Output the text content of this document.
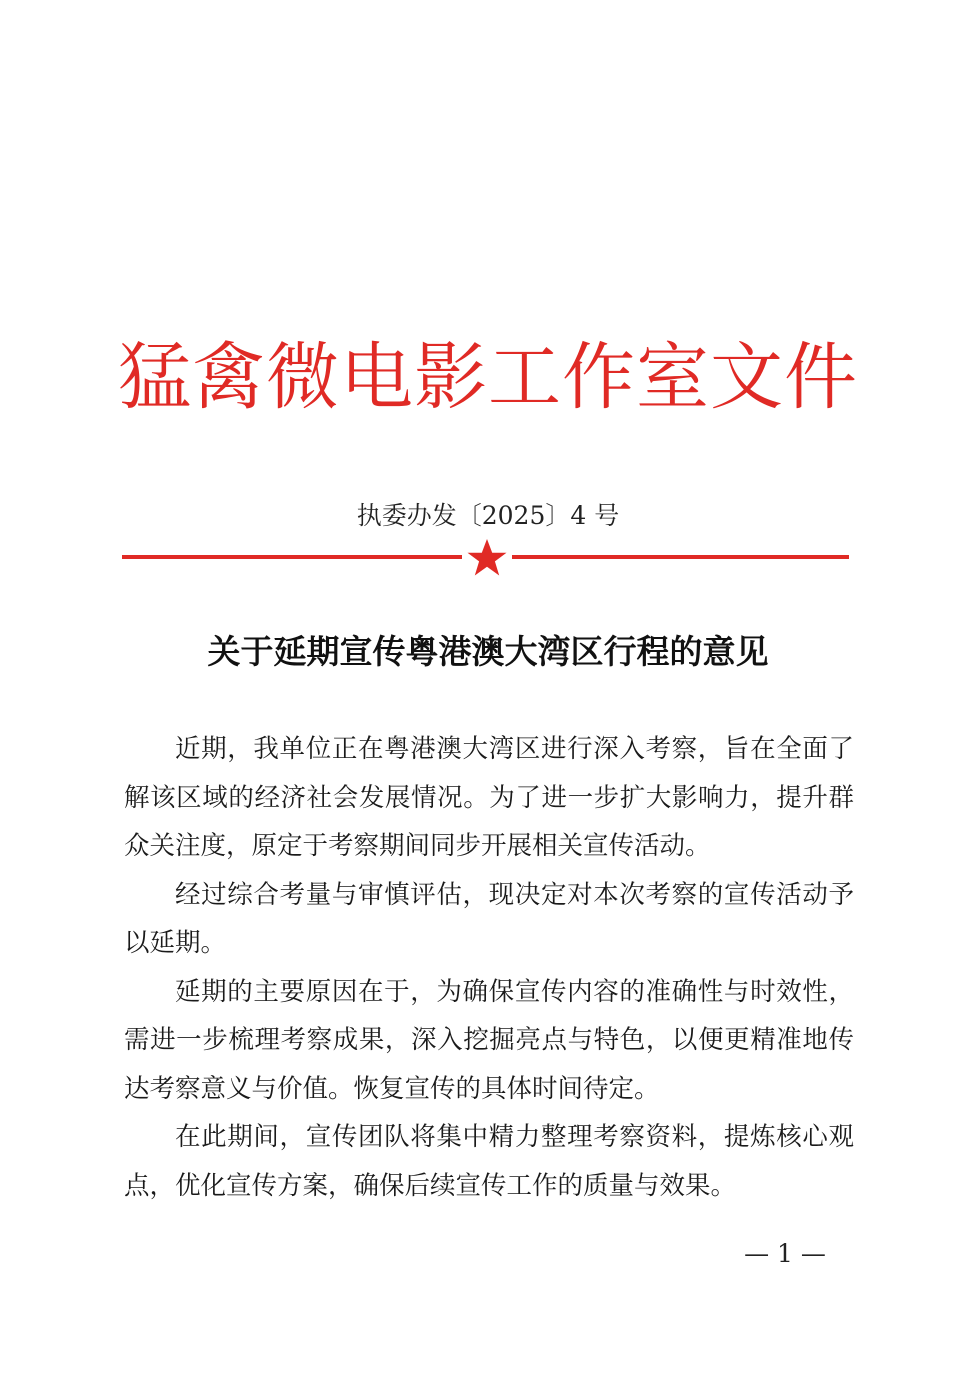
猛禽微电影工作室文件
执委办发〔2025〕4 号
关于延期宣传粤港澳大湾区行程的意见

近期，我单位正在粤港澳大湾区进行深入考察，旨在全面了解该区域的经济社会发展情况。为了进一步扩大影响力，提升群众关注度，原定于考察期间同步开展相关宣传活动。

经过综合考量与审慎评估，现决定对本次考察的宣传活动予以延期。

延期的主要原因在于，为确保宣传内容的准确性与时效性，需进一步梳理考察成果，深入挖掘亮点与特色，以便更精准地传达考察意义与价值。恢复宣传的具体时间待定。

在此期间，宣传团队将集中精力整理考察资料，提炼核心观点，优化宣传方案，确保后续宣传工作的质量与效果。

— 1 —
